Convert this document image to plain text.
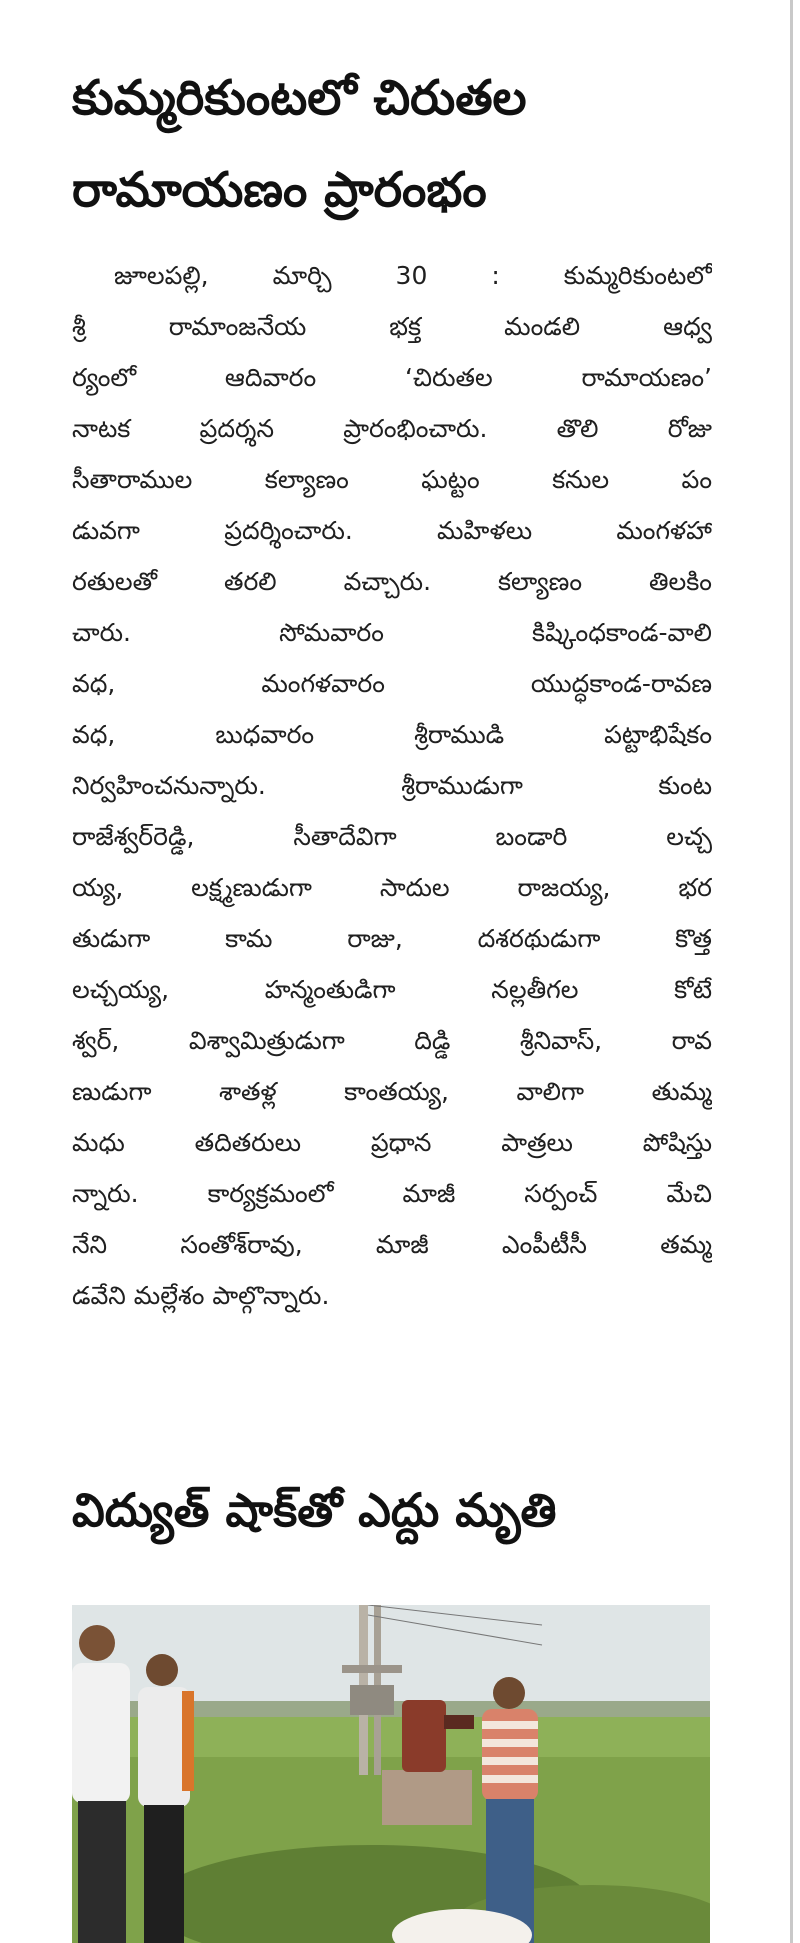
కుమ్మరికుంటలో చిరుతల
రామాయణం ప్రారంభం
జూలపల్లి, మార్చి 30 : కుమ్మరికుంటలో
శ్రీ రామాంజనేయ భక్త మండలి ఆధ్వ
ర్యంలో ఆదివారం ‘చిరుతల రామాయణం’
నాటక ప్రదర్శన ప్రారంభించారు. తొలి రోజు
సీతారాముల కల్యాణం ఘట్టం కనుల పం
డువగా ప్రదర్శించారు. మహిళలు మంగళహా
రతులతో తరలి వచ్చారు. కల్యాణం తిలకిం
చారు. సోమవారం కిష్కింధకాండ-వాలి
వధ, మంగళవారం యుద్ధకాండ-రావణ
వధ, బుధవారం శ్రీరాముడి పట్టాభిషేకం
నిర్వహించనున్నారు. శ్రీరాముడుగా కుంట
రాజేశ్వర్‌రెడ్డి, సీతాదేవిగా బండారి లచ్చ
య్య, లక్ష్మణుడుగా సాదుల రాజయ్య, భర
తుడుగా కామ రాజు, దశరథుడుగా కొత్త
లచ్చయ్య, హన్మంతుడిగా నల్లతీగల కోటే
శ్వర్, విశ్వామిత్రుడుగా దిడ్డి శ్రీనివాస్, రావ
ణుడుగా శాతళ్ల కాంతయ్య, వాలిగా తుమ్మ
మధు తదితరులు ప్రధాన పాత్రలు పోషిస్తు
న్నారు. కార్యక్రమంలో మాజీ సర్పంచ్ మేచి
నేని సంతోశ్‌రావు, మాజీ ఎంపీటీసీ తమ్మ
డవేని మల్లేశం పాల్గొన్నారు.
విద్యుత్ షాక్‌తో ఎద్దు మృతి
